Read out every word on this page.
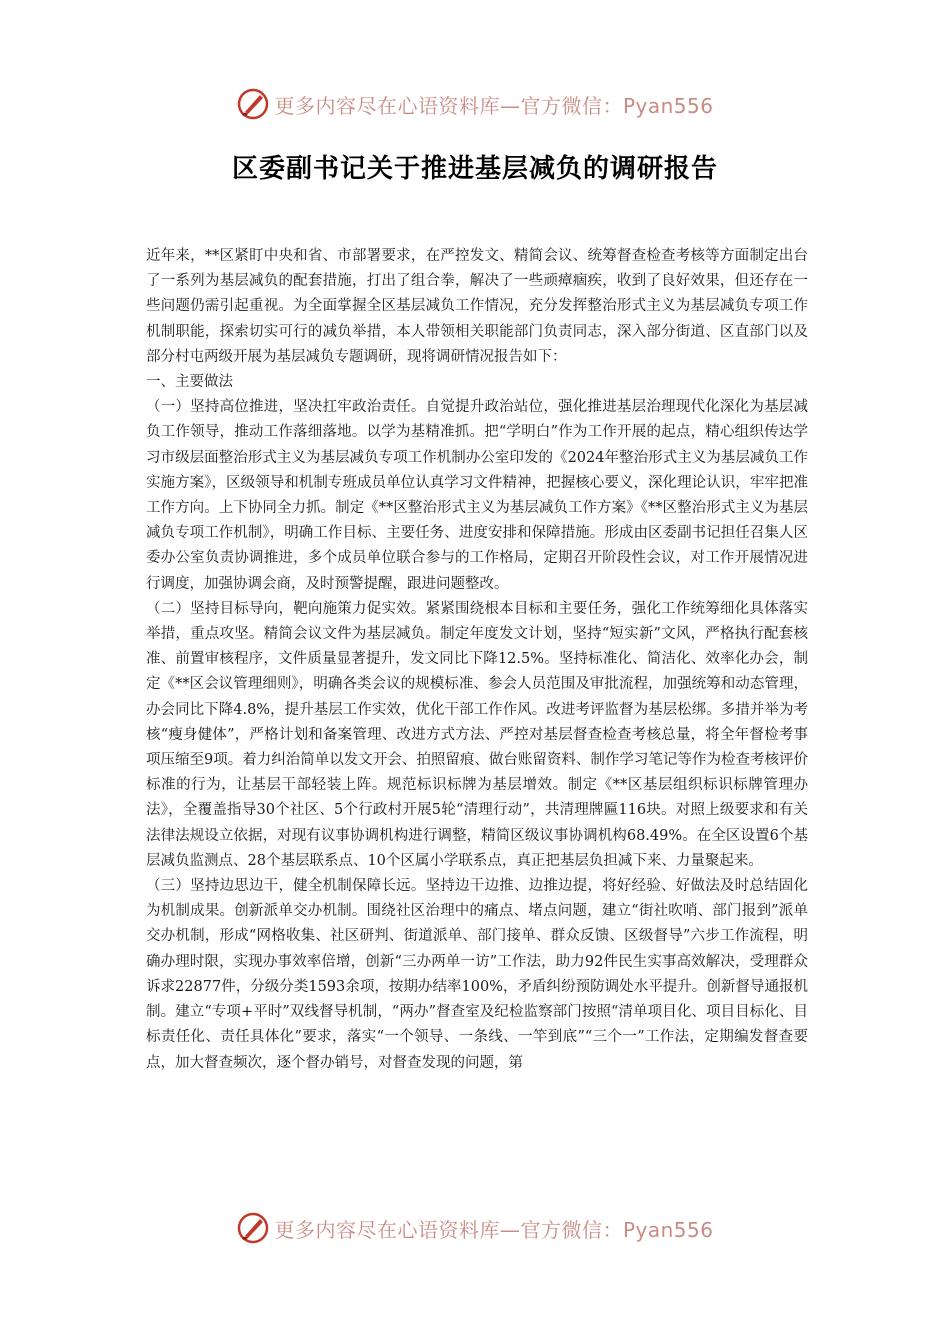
更多内容尽在心语资料库—官方微信：Pyan556
区委副书记关于推进基层减负的调研报告

近年来，**区紧盯中央和省、市部署要求，在严控发文、精简会议、统筹督查检查考核等方面制定出台了一系列为基层减负的配套措施，打出了组合拳，解决了一些顽瘴痼疾，收到了良好效果，但还存在一些问题仍需引起重视。为全面掌握全区基层减负工作情况，充分发挥整治形式主义为基层减负专项工作机制职能，探索切实可行的减负举措，本人带领相关职能部门负责同志，深入部分街道、区直部门以及部分村屯两级开展为基层减负专题调研，现将调研情况报告如下：

一、主要做法

（一）坚持高位推进，坚决扛牢政治责任。自觉提升政治站位，强化推进基层治理现代化深化为基层减负工作领导，推动工作落细落地。以学为基精准抓。把“学明白”作为工作开展的起点，精心组织传达学习市级层面整治形式主义为基层减负专项工作机制办公室印发的《2024年整治形式主义为基层减负工作实施方案》，区级领导和机制专班成员单位认真学习文件精神，把握核心要义，深化理论认识，牢牢把准工作方向。上下协同全力抓。制定《**区整治形式主义为基层减负工作方案》《**区整治形式主义为基层减负专项工作机制》，明确工作目标、主要任务、进度安排和保障措施。形成由区委副书记担任召集人区委办公室负责协调推进，多个成员单位联合参与的工作格局，定期召开阶段性会议，对工作开展情况进行调度，加强协调会商，及时预警提醒，跟进问题整改。

（二）坚持目标导向，靶向施策力促实效。紧紧围绕根本目标和主要任务，强化工作统筹细化具体落实举措，重点攻坚。精简会议文件为基层减负。制定年度发文计划，坚持“短实新”文风，严格执行配套核准、前置审核程序，文件质量显著提升，发文同比下降12.5%。坚持标准化、简洁化、效率化办会，制定《**区会议管理细则》，明确各类会议的规模标准、参会人员范围及审批流程，加强统筹和动态管理，办会同比下降4.8%，提升基层工作实效，优化干部工作作风。改进考评监督为基层松绑。多措并举为考核“瘦身健体”，严格计划和备案管理、改进方式方法、严控对基层督查检查考核总量，将全年督检考事项压缩至9项。着力纠治简单以发文开会、拍照留痕、做台账留资料、制作学习笔记等作为检查考核评价标准的行为，让基层干部轻装上阵。规范标识标牌为基层增效。制定《**区基层组织标识标牌管理办法》，全覆盖指导30个社区、5个行政村开展5轮“清理行动”，共清理牌匾116块。对照上级要求和有关法律法规设立依据，对现有议事协调机构进行调整，精简区级议事协调机构68.49%。在全区设置6个基层减负监测点、28个基层联系点、10个区属小学联系点，真正把基层负担减下来、力量聚起来。

（三）坚持边思边干，健全机制保障长远。坚持边干边推、边推边提，将好经验、好做法及时总结固化为机制成果。创新派单交办机制。围绕社区治理中的痛点、堵点问题，建立“街社吹哨、部门报到”派单交办机制，形成“网格收集、社区研判、街道派单、部门接单、群众反馈、区级督导”六步工作流程，明确办理时限，实现办事效率倍增，创新“三办两单一访”工作法，助力92件民生实事高效解决，受理群众诉求22877件，分级分类1593余项，按期办结率100%，矛盾纠纷预防调处水平提升。创新督导通报机制。建立“专项+平时”双线督导机制，“两办”督查室及纪检监察部门按照“清单项目化、项目目标化、目标责任化、责任具体化”要求，落实“一个领导、一条线、一竿到底”“三个一”工作法，定期编发督查要点，加大督查频次，逐个督办销号，对督查发现的问题，第

更多内容尽在心语资料库—官方微信：Pyan556
